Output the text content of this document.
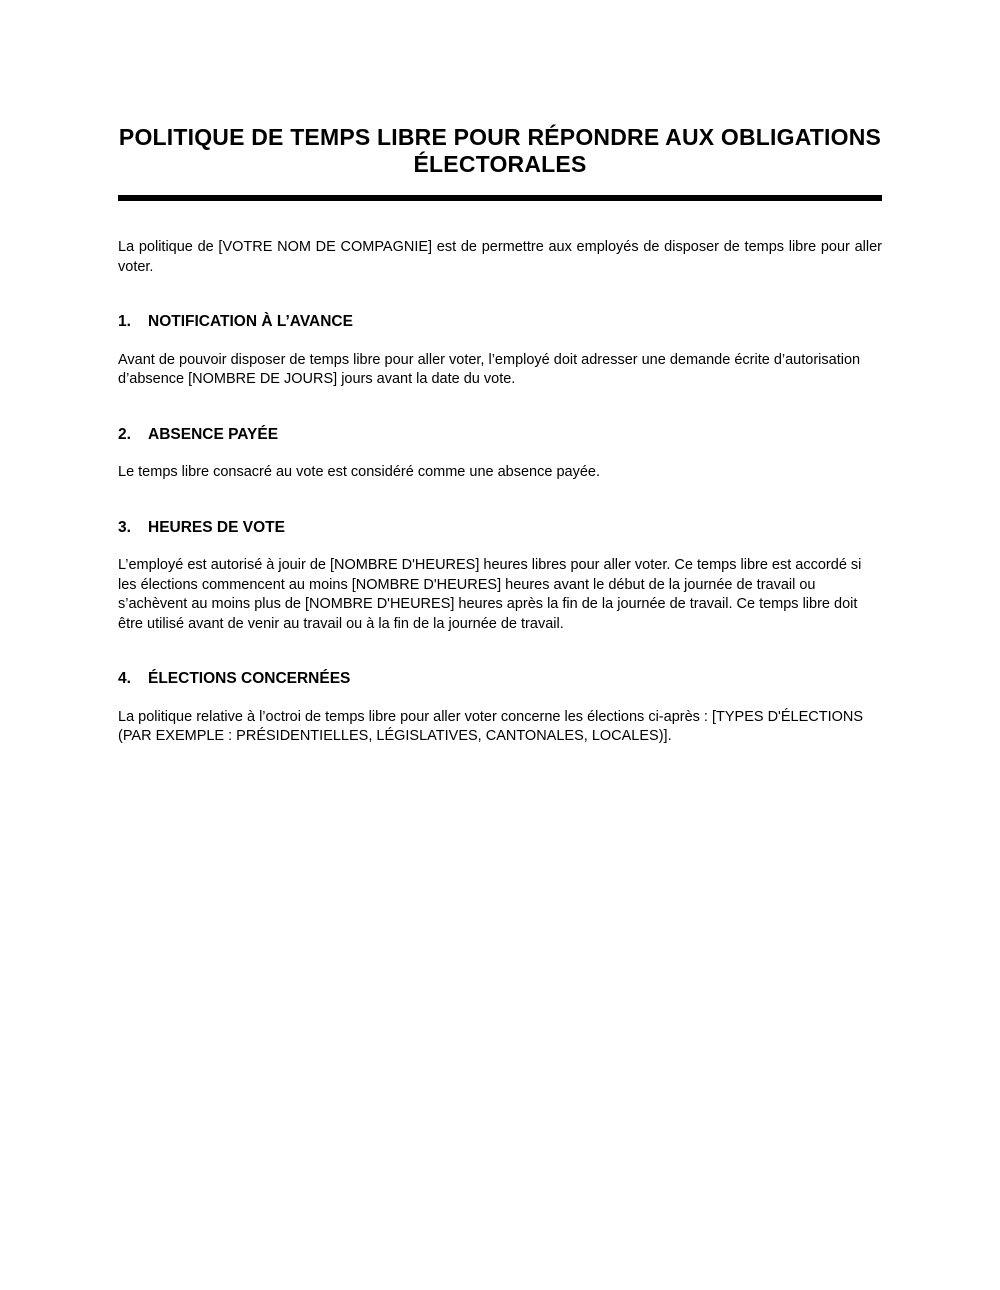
POLITIQUE DE TEMPS LIBRE POUR RÉPONDRE AUX OBLIGATIONS
ÉLECTORALES

La politique de [VOTRE NOM DE COMPAGNIE] est de permettre aux employés de disposer de temps libre pour aller voter.

1.	NOTIFICATION À L’AVANCE

Avant de pouvoir disposer de temps libre pour aller voter, l’employé doit adresser une demande écrite d’autorisation d’absence [NOMBRE DE JOURS] jours avant la date du vote.

2.	ABSENCE PAYÉE

Le temps libre consacré au vote est considéré comme une absence payée.

3.	HEURES DE VOTE

L’employé est autorisé à jouir de [NOMBRE D'HEURES] heures libres pour aller voter. Ce temps libre est accordé si les élections commencent au moins [NOMBRE D'HEURES] heures avant le début de la journée de travail ou s’achèvent au moins plus de [NOMBRE D'HEURES] heures après la fin de la journée de travail. Ce temps libre doit être utilisé avant de venir au travail ou à la fin de la journée de travail.

4.	ÉLECTIONS CONCERNÉES

La politique relative à l’octroi de temps libre pour aller voter concerne les élections ci-après : [TYPES D'ÉLECTIONS (PAR EXEMPLE : PRÉSIDENTIELLES, LÉGISLATIVES, CANTONALES, LOCALES)].
